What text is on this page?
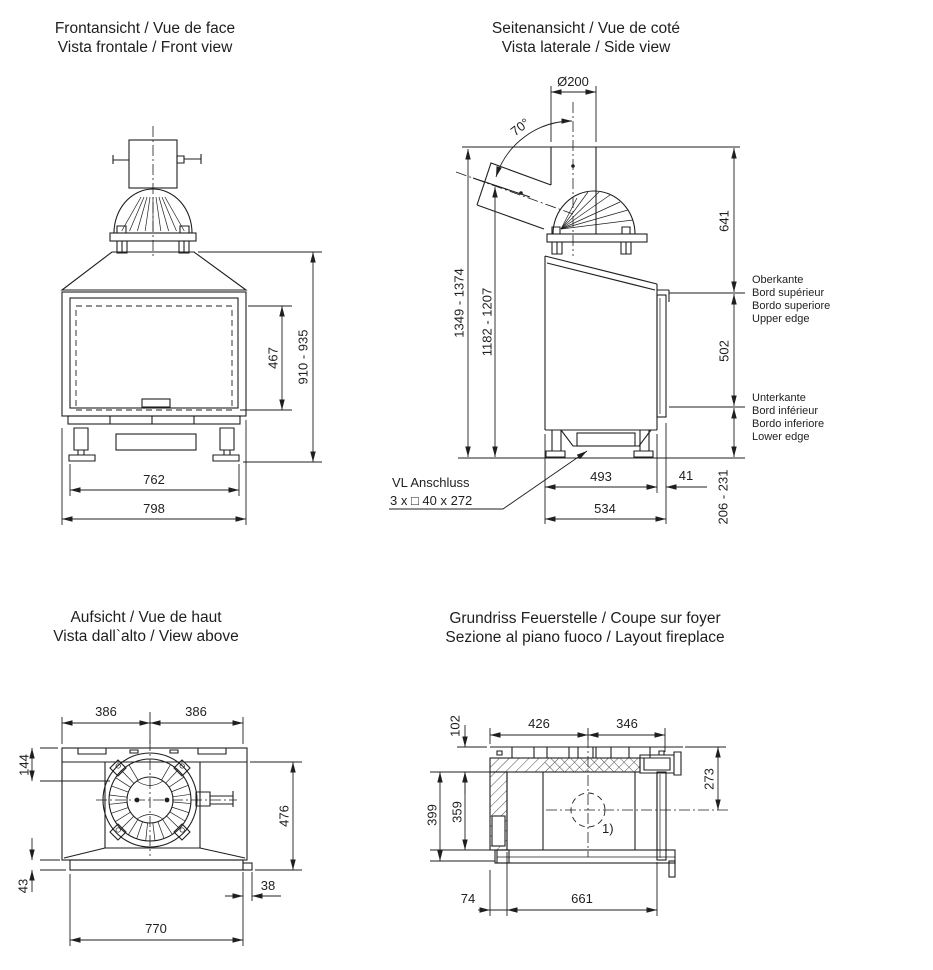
Frontansicht / Vue de face
Vista frontale / Front view
467 910 - 935
762
798
Seitenansicht / Vue de coté
Vista laterale / Side view
Ø200
70°
1349 - 1374 1182 - 1207
641
502
206 - 231
Oberkante
Bord supérieur
Bordo superiore
Upper edge
Unterkante
Bord inférieur
Bordo inferiore
Lower edge
493	41
534
VL Anschluss
3 x □ 40 x 272
Aufsicht / Vue de haut
Vista dall`alto / View above
386	386
144
43
476
38
770
Grundriss Feuerstelle / Coupe sur foyer
Sezione al piano fuoco / Layout fireplace
1)
426	346
102
399 359
273
74	661
